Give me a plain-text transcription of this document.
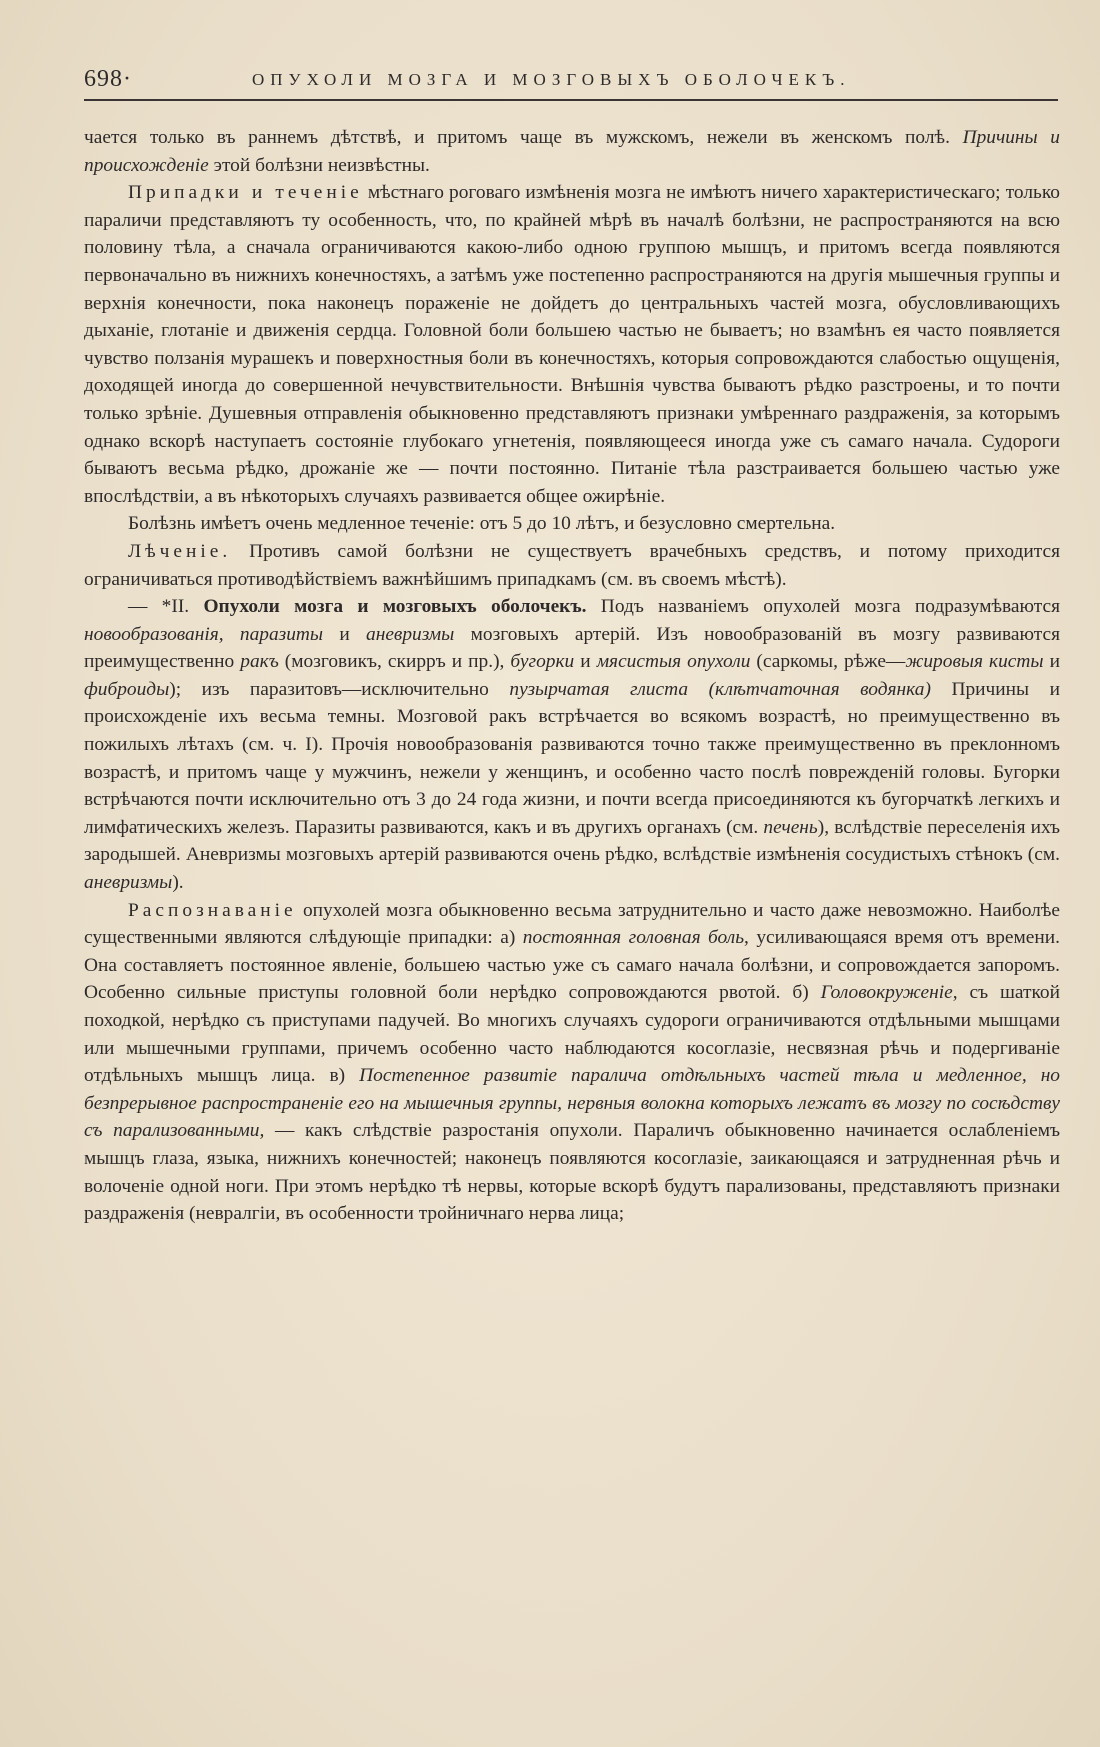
698·	ОПУХОЛИ МОЗГА И МОЗГОВЫХЪ ОБОЛОЧЕКЪ.

чается только въ раннемъ дѣтствѣ, и притомъ чаще въ мужскомъ, нежели въ женскомъ полѣ. Причины и происхожденіе этой болѣзни неизвѣстны.

Припадки и теченіе мѣстнаго роговаго измѣненія мозга не имѣютъ ничего характеристическаго; только параличи представляютъ ту особенность, что, по крайней мѣрѣ въ началѣ болѣзни, не распространяются на всю половину тѣла, а сначала ограничиваются какою-либо одною группою мышцъ, и притомъ всегда появляются первоначально въ нижнихъ конечностяхъ, а затѣмъ уже постепенно распространяются на другія мышечныя группы и верхнія конечности, пока наконецъ пораженіе не дойдетъ до центральныхъ частей мозга, обусловливающихъ дыханіе, глотаніе и движенія сердца. Головной боли большею частью не бываетъ; но взамѣнъ ея часто появляется чувство ползанія мурашекъ и поверхностныя боли въ конечностяхъ, которыя сопровождаются слабостью ощущенія, доходящей иногда до совершенной нечувствительности. Внѣшнія чувства бываютъ рѣдко разстроены, и то почти только зрѣніе. Душевныя отправленія обыкновенно представляютъ признаки умѣреннаго раздраженія, за которымъ однако вскорѣ наступаетъ состояніе глубокаго угнетенія, появляющееся иногда уже съ самаго начала. Судороги бываютъ весьма рѣдко, дрожаніе же — почти постоянно. Питаніе тѣла разстраивается большею частью уже впослѣдствіи, а въ нѣкоторыхъ случаяхъ развивается общее ожирѣніе.

Болѣзнь имѣетъ очень медленное теченіе: отъ 5 до 10 лѣтъ, и безусловно смертельна.

Лѣченіе. Противъ самой болѣзни не существуетъ врачебныхъ средствъ, и потому приходится ограничиваться противодѣйствіемъ важнѣйшимъ припадкамъ (см. въ своемъ мѣстѣ).

— *II. Опухоли мозга и мозговыхъ оболочекъ. Подъ названіемъ опухолей мозга подразумѣваются новообразованія, паразиты и аневризмы мозговыхъ артерій. Изъ новообразованій въ мозгу развиваются преимущественно ракъ (мозговикъ, скирръ и пр.), бугорки и мясистыя опухоли (саркомы, рѣже—жировыя кисты и фиброиды); изъ паразитовъ—исключительно пузырчатая глиста (клѣтчаточная водянка) Причины и происхожденіе ихъ весьма темны. Мозговой ракъ встрѣчается во всякомъ возрастѣ, но преимущественно въ пожилыхъ лѣтахъ (см. ч. I). Прочія новообразованія развиваются точно также преимущественно въ преклонномъ возрастѣ, и притомъ чаще у мужчинъ, нежели у женщинъ, и особенно часто послѣ поврежденій головы. Бугорки встрѣчаются почти исключительно отъ 3 до 24 года жизни, и почти всегда присоединяются къ бугорчаткѣ легкихъ и лимфатическихъ железъ. Паразиты развиваются, какъ и въ другихъ органахъ (см. печень), вслѣдствіе переселенія ихъ зародышей. Аневризмы мозговыхъ артерій развиваются очень рѣдко, вслѣдствіе измѣненія сосудистыхъ стѣнокъ (см. аневризмы).

Распознаваніе опухолей мозга обыкновенно весьма затруднительно и часто даже невозможно. Наиболѣе существенными являются слѣдующіе припадки: а) постоянная головная боль, усиливающаяся время отъ времени. Она составляетъ постоянное явленіе, большею частью уже съ самаго начала болѣзни, и сопровождается запоромъ. Особенно сильные приступы головной боли нерѣдко сопровождаются рвотой. б) Головокруженіе, съ шаткой походкой, нерѣдко съ приступами падучей. Во многихъ случаяхъ судороги ограничиваются отдѣльными мышцами или мышечными группами, причемъ особенно часто наблюдаются косоглазіе, несвязная рѣчь и подергиваніе отдѣльныхъ мышцъ лица. в) Постепенное развитіе паралича отдѣльныхъ частей тѣла и медленное, но безпрерывное распространеніе его на мышечныя группы, нервныя волокна которыхъ лежатъ въ мозгу по сосѣдству съ парализованными, — какъ слѣдствіе разростанія опухоли. Параличъ обыкновенно начинается ослабленіемъ мышцъ глаза, языка, нижнихъ конечностей; наконецъ появляются косоглазіе, заикающаяся и затрудненная рѣчь и волоченіе одной ноги. При этомъ нерѣдко тѣ нервы, которые вскорѣ будутъ парализованы, представляютъ признаки раздраженія (невралгіи, въ особенности тройничнаго нерва лица;
